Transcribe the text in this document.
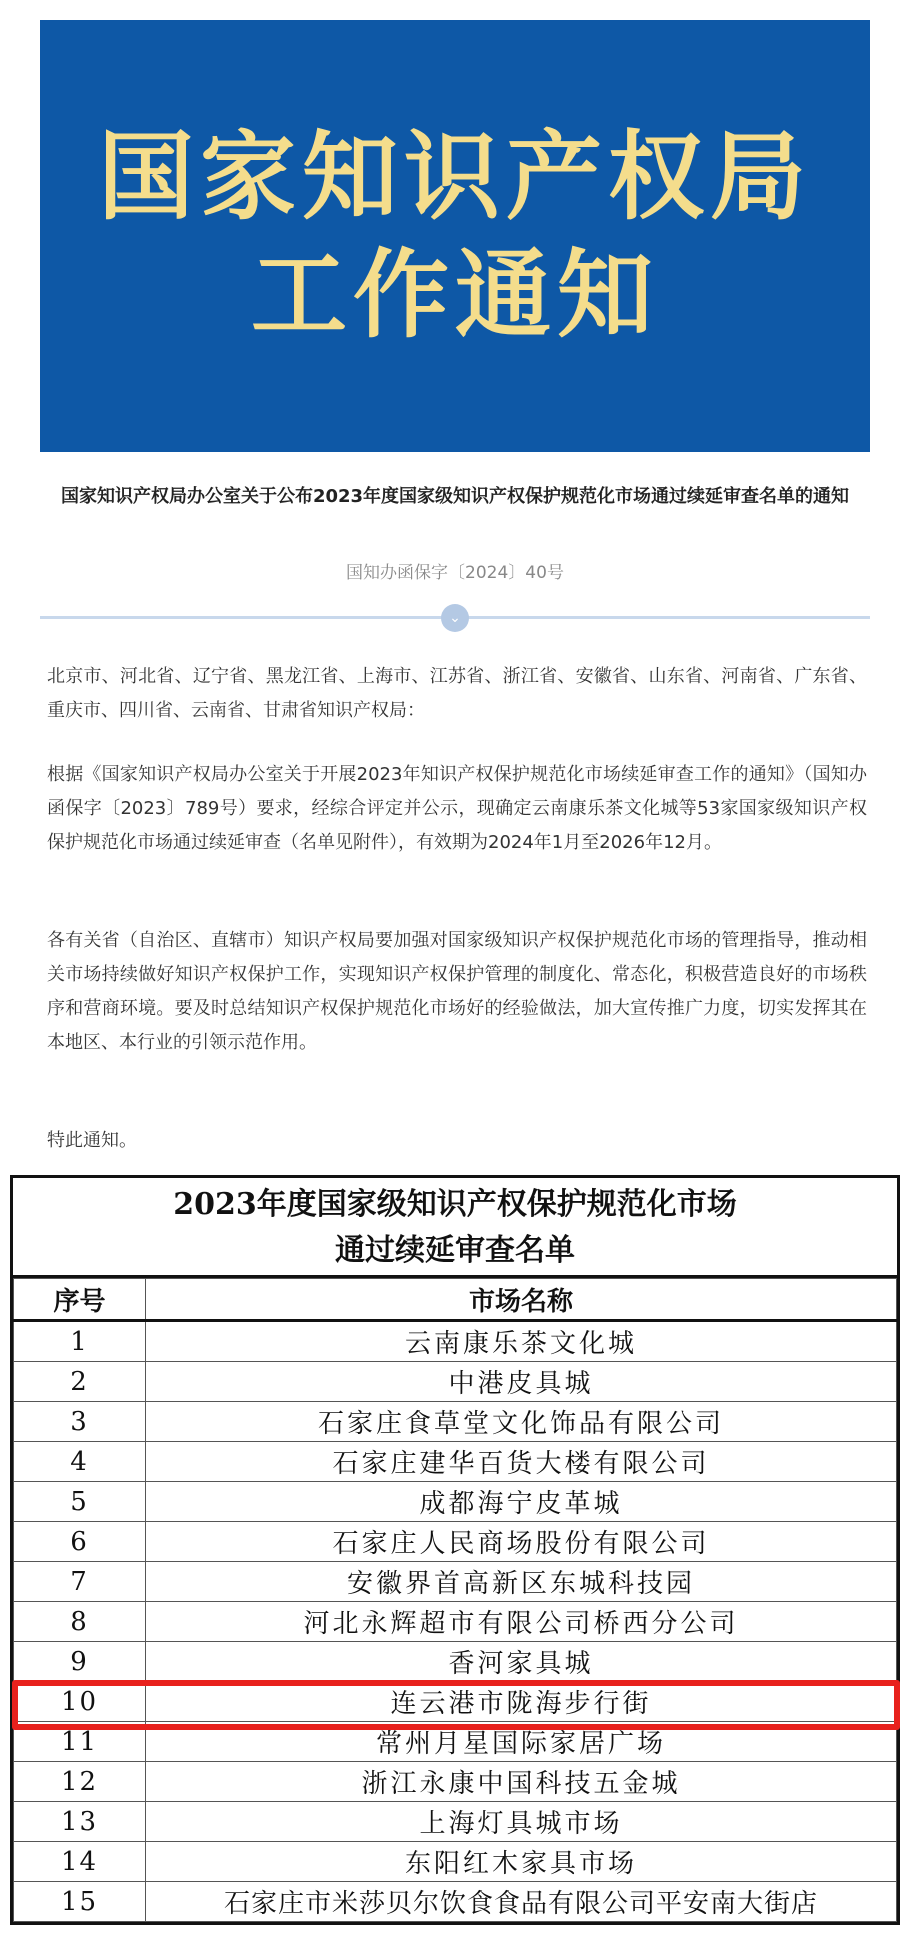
国家知识产权局
工作通知
国家知识产权局办公室关于公布2023年度国家级知识产权保护规范化市场通过续延审查名单的通知
国知办函保字〔2024〕40号
⌄

北京市、河北省、辽宁省、黑龙江省、上海市、江苏省、浙江省、安徽省、山东省、河南省、广东省、重庆市、四川省、云南省、甘肃省知识产权局：

根据《国家知识产权局办公室关于开展2023年知识产权保护规范化市场续延审查工作的通知》（国知办函保字〔2023〕789号）要求，经综合评定并公示，现确定云南康乐茶文化城等53家国家级知识产权保护规范化市场通过续延审查（名单见附件），有效期为2024年1月至2026年12月。

各有关省（自治区、直辖市）知识产权局要加强对国家级知识产权保护规范化市场的管理指导，推动相关市场持续做好知识产权保护工作，实现知识产权保护管理的制度化、常态化，积极营造良好的市场秩序和营商环境。要及时总结知识产权保护规范化市场好的经验做法，加大宣传推广力度，切实发挥其在本地区、本行业的引领示范作用。

特此通知。

2023年度国家级知识产权保护规范化市场
通过续延审查名单
序号	市场名称
1	云南康乐茶文化城
2	中港皮具城
3	石家庄食草堂文化饰品有限公司
4	石家庄建华百货大楼有限公司
5	成都海宁皮革城
6	石家庄人民商场股份有限公司
7	安徽界首高新区东城科技园
8	河北永辉超市有限公司桥西分公司
9	香河家具城
10	连云港市陇海步行街
11	常州月星国际家居广场
12	浙江永康中国科技五金城
13	上海灯具城市场
14	东阳红木家具市场
15	石家庄市米莎贝尔饮食食品有限公司平安南大街店
